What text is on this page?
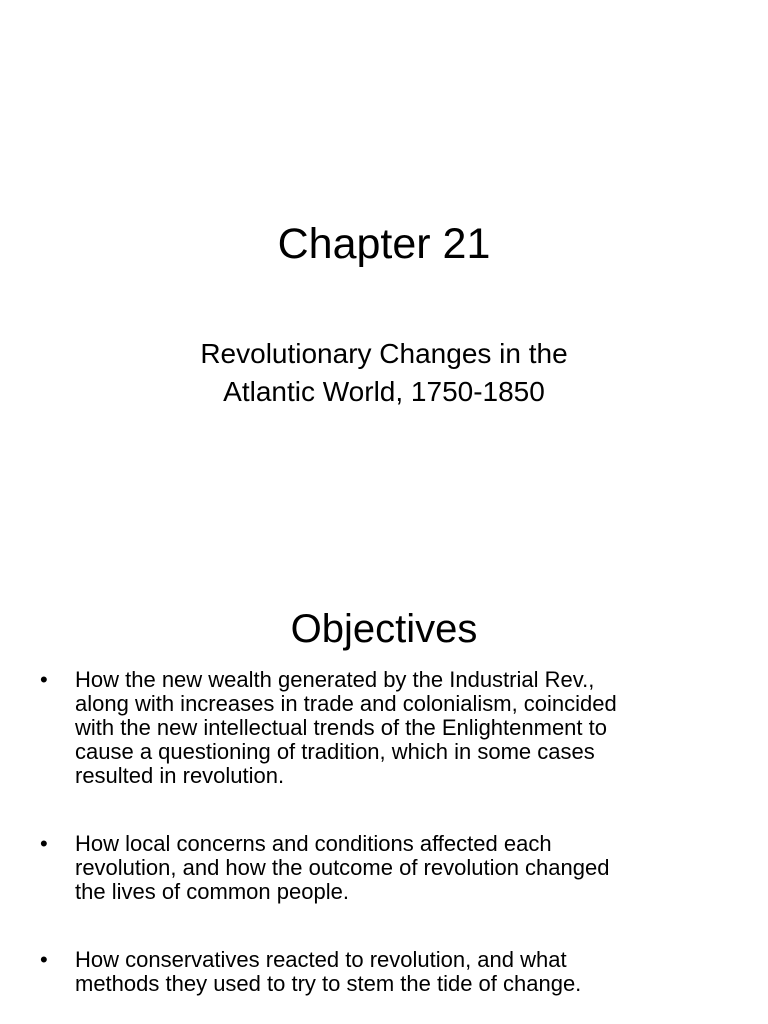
Chapter 21
Revolutionary Changes in the
Atlantic World, 1750-1850
Objectives
• How the new wealth generated by the Industrial Rev.,
along with increases in trade and colonialism, coincided
with the new intellectual trends of the Enlightenment to
cause a questioning of tradition, which in some cases
resulted in revolution.
• How local concerns and conditions affected each
revolution, and how the outcome of revolution changed
the lives of common people.
• How conservatives reacted to revolution, and what
methods they used to try to stem the tide of change.
